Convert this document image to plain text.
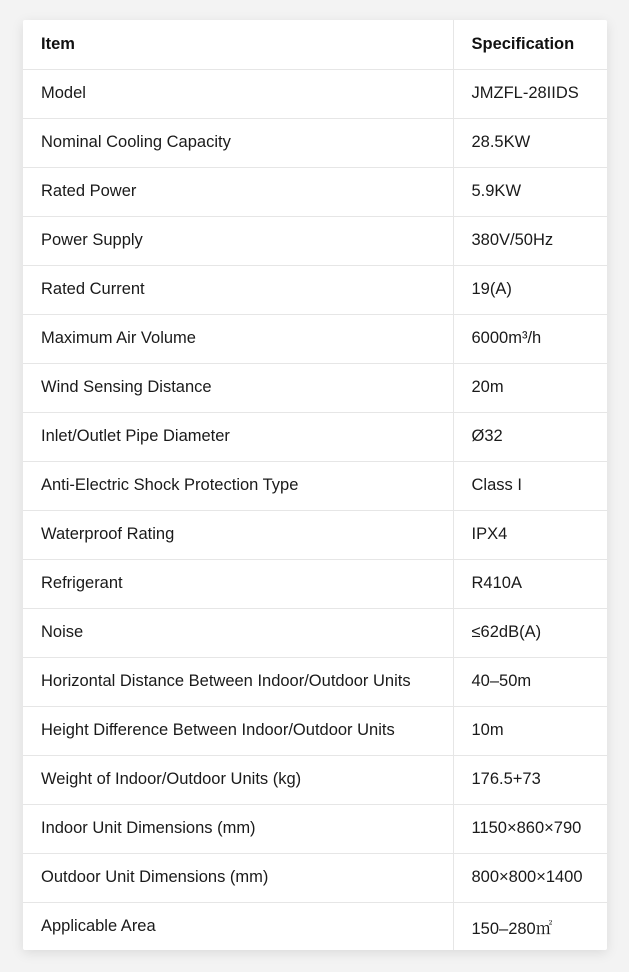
Item	Specification
Model	JMZFL-28IIDS
Nominal Cooling Capacity	28.5KW
Rated Power	5.9KW
Power Supply	380V/50Hz
Rated Current	19(A)
Maximum Air Volume	6000m³/h
Wind Sensing Distance	20m
Inlet/Outlet Pipe Diameter	Ø32
Anti-Electric Shock Protection Type	Class I
Waterproof Rating	IPX4
Refrigerant	R410A
Noise	≤62dB(A)
Horizontal Distance Between Indoor/Outdoor Units	40–50m
Height Difference Between Indoor/Outdoor Units	10m
Weight of Indoor/Outdoor Units (kg)	176.5+73
Indoor Unit Dimensions (mm)	1150×860×790
Outdoor Unit Dimensions (mm)	800×800×1400
Applicable Area	150–280㎡
